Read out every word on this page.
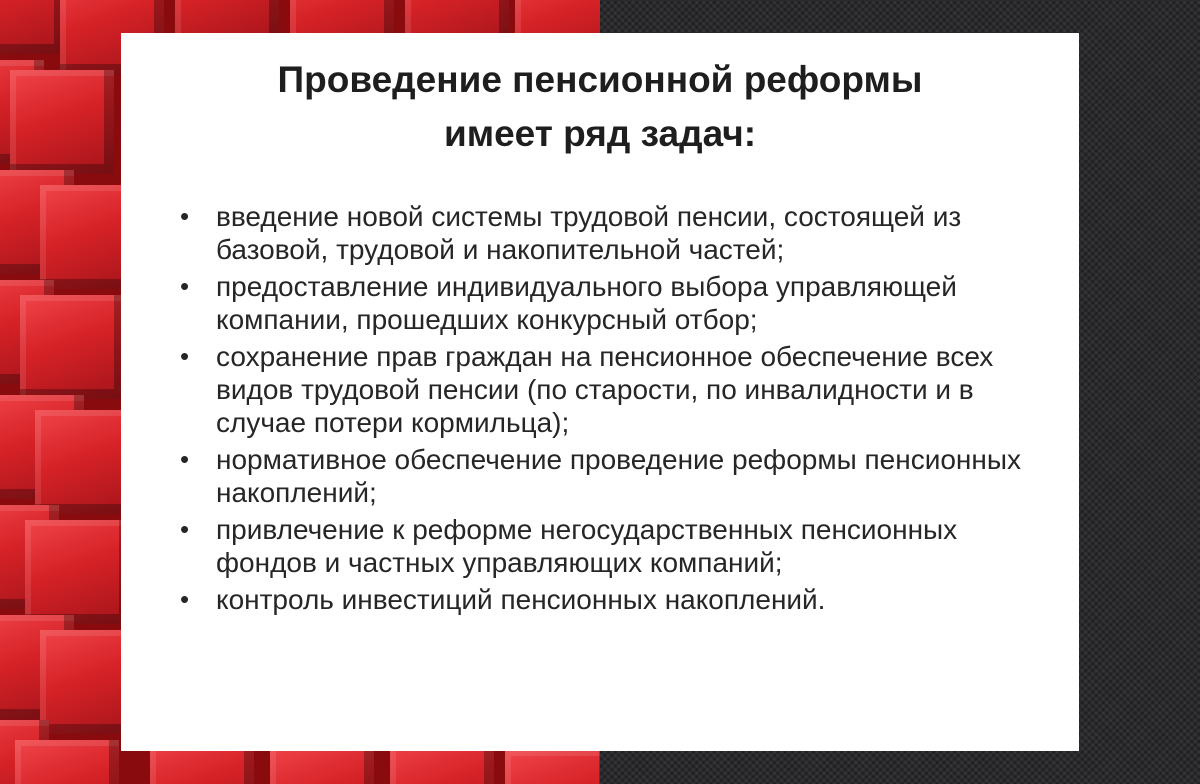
Проведение пенсионной реформы
имеет ряд задач:
• введение новой системы трудовой пенсии, состоящей из базовой, трудовой и накопительной частей;
• предоставление индивидуального выбора управляющей компании, прошедших конкурсный отбор;
• сохранение прав граждан на пенсионное обеспечение всех видов трудовой пенсии (по старости, по инвалидности и в случае потери кормильца);
• нормативное обеспечение проведение реформы пенсионных накоплений;
• привлечение к реформе негосударственных пенсионных фондов и частных управляющих компаний;
• контроль инвестиций пенсионных накоплений.
